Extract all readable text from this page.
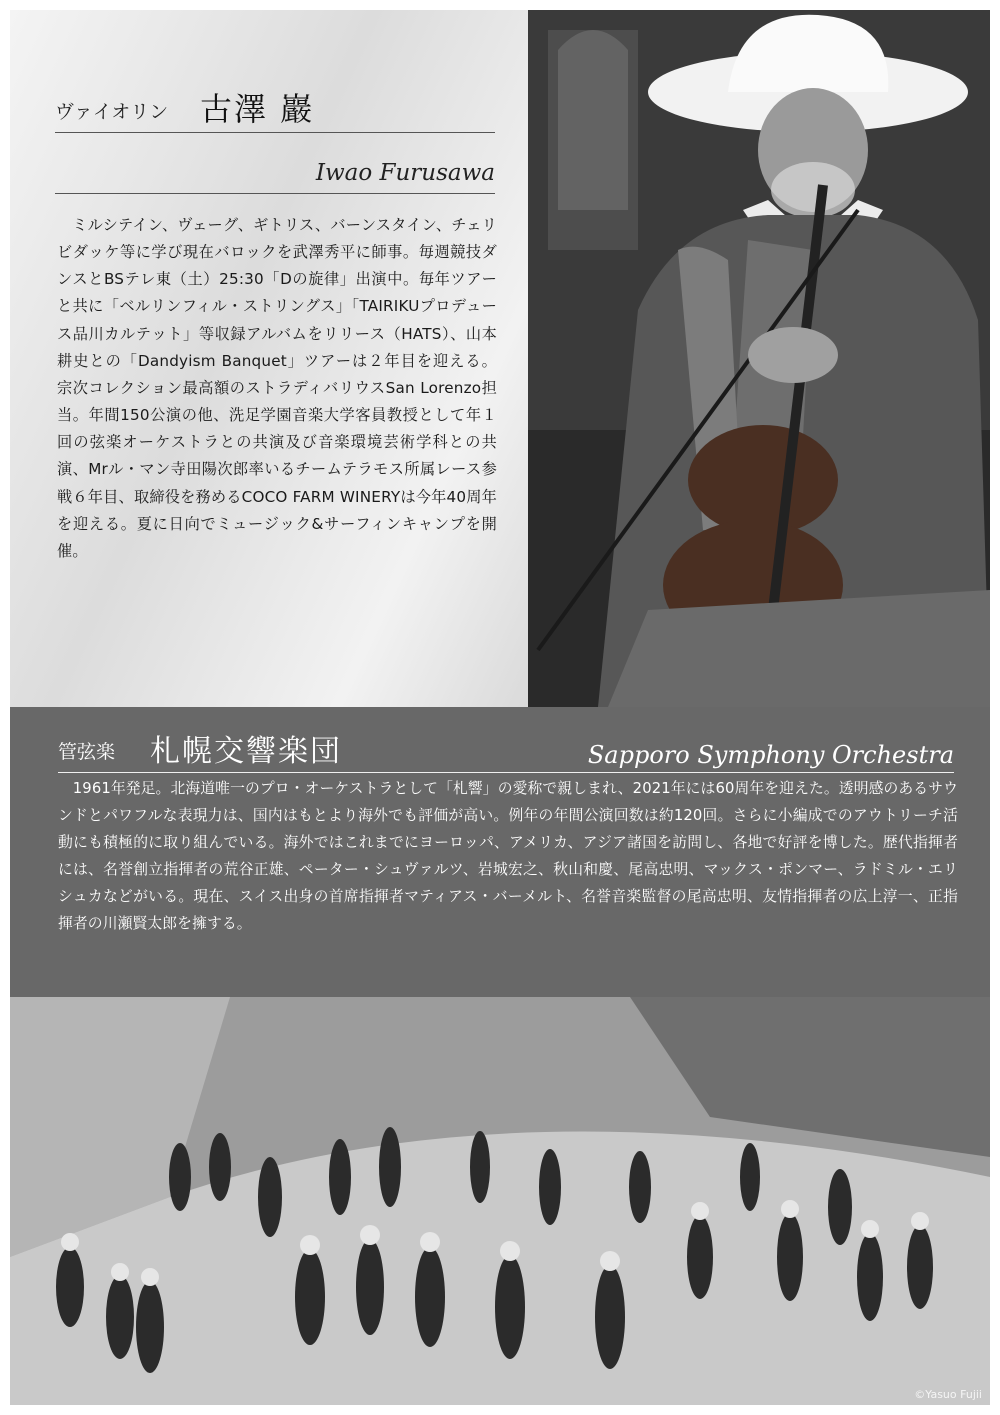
ヴァイオリン 古澤 巖
Iwao Furusawa

ミルシテイン、ヴェーグ、ギトリス、バーンスタイン、チェリビダッケ等に学び現在バロックを武澤秀平に師事。毎週競技ダンスとBSテレ東（土）25:30「Dの旋律」出演中。毎年ツアーと共に「ベルリンフィル・ストリングス」「TAIRIKUプロデュース品川カルテット」等収録アルバムをリリース（HATS）、山本耕史との「Dandyism Banquet」ツアーは２年目を迎える。宗次コレクション最高額のストラディバリウスSan Lorenzo担当。年間150公演の他、洗足学園音楽大学客員教授として年１回の弦楽オーケストラとの共演及び音楽環境芸術学科との共演、Mrル・マン寺田陽次郎率いるチームテラモス所属レース参戦６年目、取締役を務めるCOCO FARM WINERYは今年40周年を迎える。夏に日向でミュージック&サーフィンキャンプを開催。

管弦楽 札幌交響楽団	Sapporo Symphony Orchestra

1961年発足。北海道唯一のプロ・オーケストラとして「札響」の愛称で親しまれ、2021年には60周年を迎えた。透明感のあるサウンドとパワフルな表現力は、国内はもとより海外でも評価が高い。例年の年間公演回数は約120回。さらに小編成でのアウトリーチ活動にも積極的に取り組んでいる。海外ではこれまでにヨーロッパ、アメリカ、アジア諸国を訪問し、各地で好評を博した。歴代指揮者には、名誉創立指揮者の荒谷正雄、ペーター・シュヴァルツ、岩城宏之、秋山和慶、尾高忠明、マックス・ポンマー、ラドミル・エリシュカなどがいる。現在、スイス出身の首席指揮者マティアス・バーメルト、名誉音楽監督の尾高忠明、友情指揮者の広上淳一、正指揮者の川瀬賢太郎を擁する。

©Yasuo Fujii
